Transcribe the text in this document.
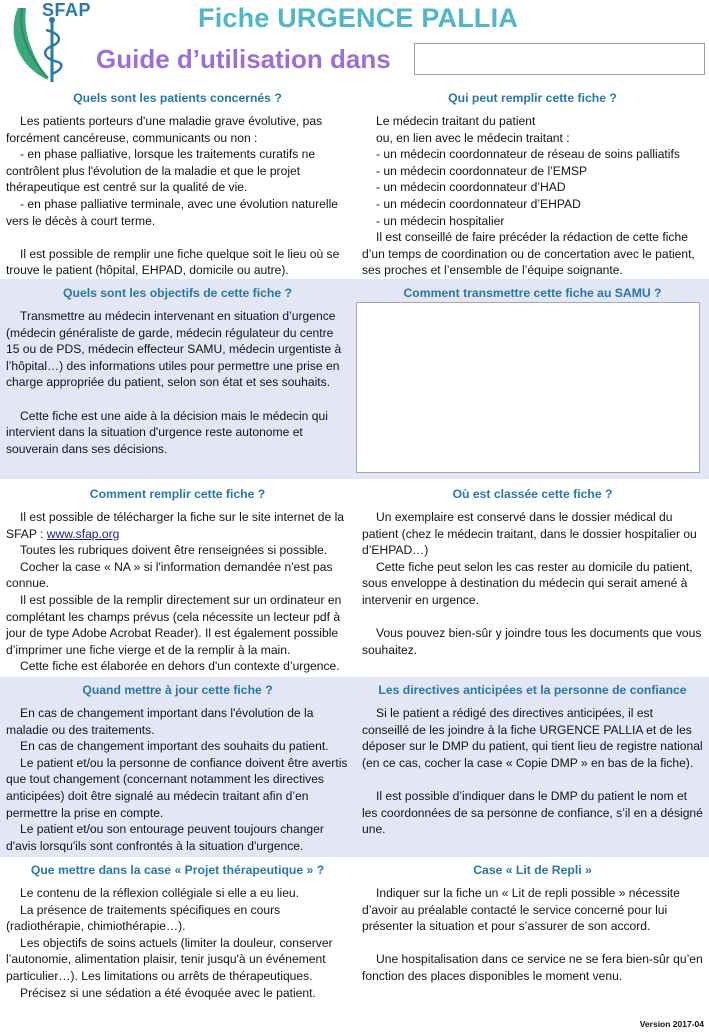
SFAP	Fiche URGENCE PALLIA
Guide d’utilisation dans
Quels sont les patients concernés ?

Les patients porteurs d'une maladie grave évolutive, pas forcément cancéreuse, communicants ou non :

- en phase palliative, lorsque les traitements curatifs ne contrôlent plus l'évolution de la maladie et que le projet thérapeutique est centré sur la qualité de vie.

- en phase palliative terminale, avec une évolution naturelle vers le décès à court terme.

Il est possible de remplir une fiche quelque soit le lieu où se trouve le patient (hôpital, EHPAD, domicile ou autre).

Qui peut remplir cette fiche ?

Le médecin traitant du patient

ou, en lien avec le médecin traitant :

- un médecin coordonnateur de réseau de soins palliatifs

- un médecin coordonnateur de l’EMSP

- un médecin coordonnateur d’HAD

- un médecin coordonnateur d’EHPAD

- un médecin hospitalier

Il est conseillé de faire précéder la rédaction de cette fiche d’un temps de coordination ou de concertation avec le patient, ses proches et l’ensemble de l’équipe soignante.

Quels sont les objectifs de cette fiche ?

Transmettre au médecin intervenant en situation d’urgence (médecin généraliste de garde, médecin régulateur du centre 15 ou de PDS, médecin effecteur SAMU, médecin urgentiste à l’hôpital…) des informations utiles pour permettre une prise en charge appropriée du patient, selon son état et ses souhaits.

Cette fiche est une aide à la décision mais le médecin qui intervient dans la situation d'urgence reste autonome et souverain dans ses décisions.

Comment transmettre cette fiche au SAMU ?
Comment remplir cette fiche ?

Il est possible de télécharger la fiche sur le site internet de la SFAP : www.sfap.org

Toutes les rubriques doivent être renseignées si possible.

Cocher la case « NA » si l'information demandée n'est pas connue.

Il est possible de la remplir directement sur un ordinateur en complétant les champs prévus (cela nécessite un lecteur pdf à jour de type Adobe Acrobat Reader). Il est également possible d’imprimer une fiche vierge et de la remplir à la main.

Cette fiche est élaborée en dehors d'un contexte d’urgence.

Où est classée cette fiche ?

Un exemplaire est conservé dans le dossier médical du patient (chez le médecin traitant, dans le dossier hospitalier ou d’EHPAD…)

Cette fiche peut selon les cas rester au domicile du patient, sous enveloppe à destination du médecin qui serait amené à intervenir en urgence.

Vous pouvez bien-sûr y joindre tous les documents que vous souhaitez.

Quand mettre à jour cette fiche ?

En cas de changement important dans l'évolution de la maladie ou des traitements.

En cas de changement important des souhaits du patient.

Le patient et/ou la personne de confiance doivent être avertis que tout changement (concernant notamment les directives anticipées) doit être signalé au médecin traitant afin d’en permettre la prise en compte.

Le patient et/ou son entourage peuvent toujours changer d'avis lorsqu'ils sont confrontés à la situation d'urgence.

Les directives anticipées et la personne de confiance

Si le patient a rédigé des directives anticipées, il est conseillé de les joindre à la fiche URGENCE PALLIA et de les déposer sur le DMP du patient, qui tient lieu de registre national (en ce cas, cocher la case « Copie DMP » en bas de la fiche).

Il est possible d’indiquer dans le DMP du patient le nom et les coordonnées de sa personne de confiance, s’il en a désigné une.

Que mettre dans la case « Projet thérapeutique » ?

Le contenu de la réflexion collégiale si elle a eu lieu.

La présence de traitements spécifiques en cours (radiothérapie, chimiothérapie…).

Les objectifs de soins actuels (limiter la douleur, conserver l’autonomie, alimentation plaisir, tenir jusqu'à un événement particulier…). Les limitations ou arrêts de thérapeutiques.

Précisez si une sédation a été évoquée avec le patient.

Case « Lit de Repli »

Indiquer sur la fiche un « Lit de repli possible » nécessite d’avoir au préalable contacté le service concerné pour lui présenter la situation et pour s’assurer de son accord.

Une hospitalisation dans ce service ne se fera bien-sûr qu’en fonction des places disponibles le moment venu.

Version 2017-04
